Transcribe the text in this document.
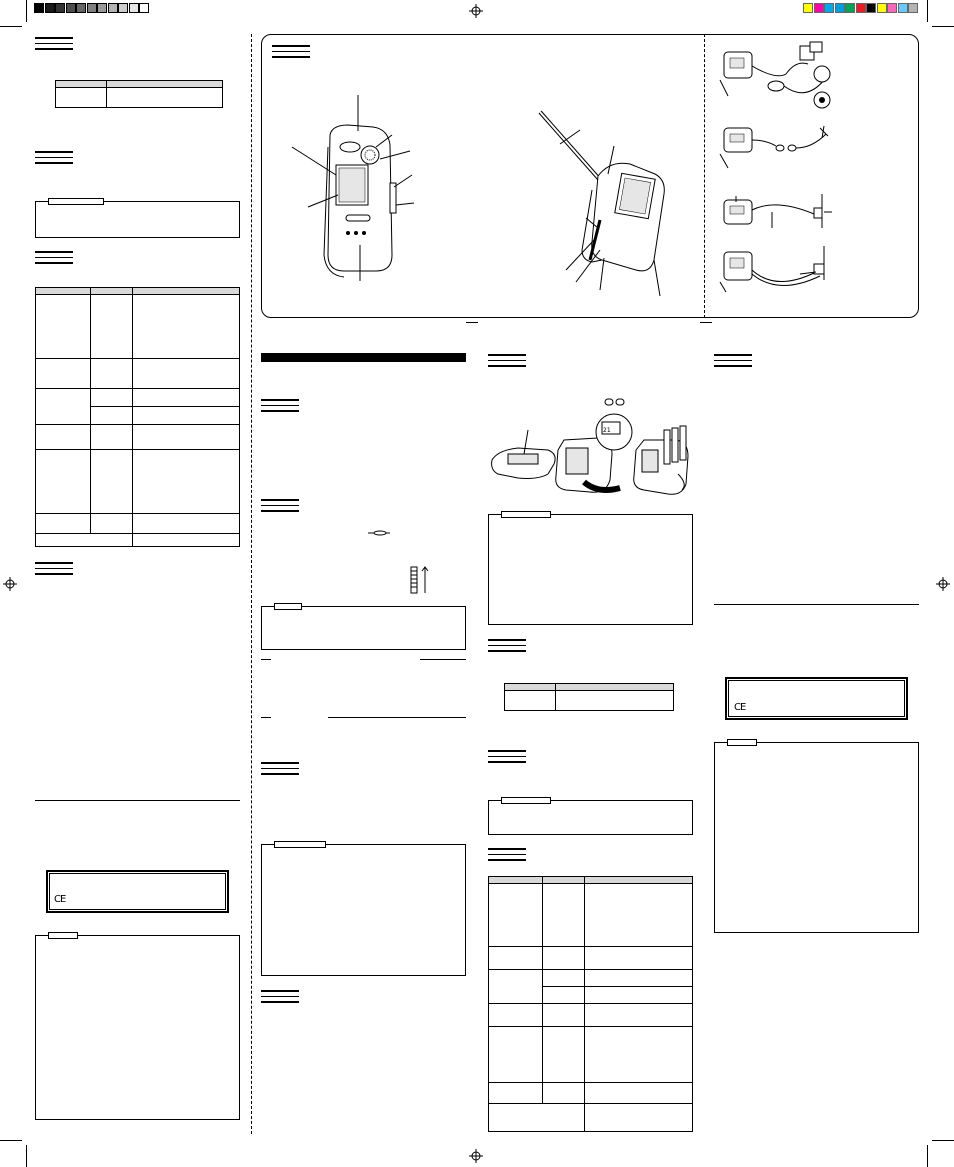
CE
21

CE
